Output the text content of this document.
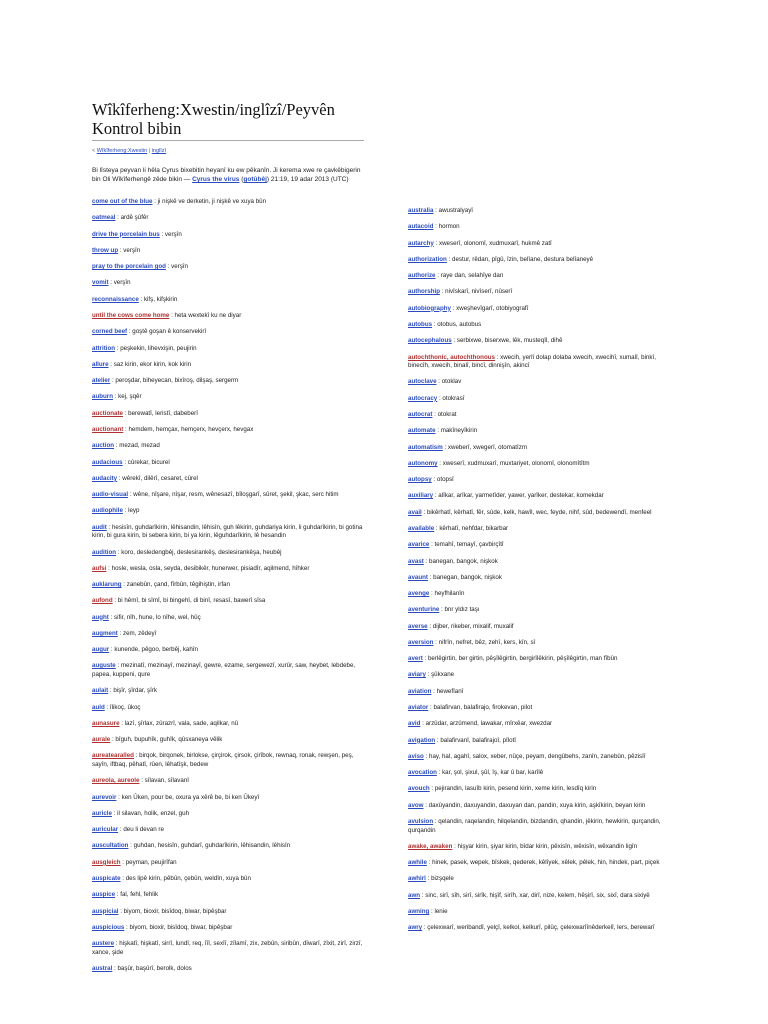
Wîkîferheng:Xwestin/inglîzî/Peyvên Kontrol bibin
< Wîkîferheng:Xwestin | inglîzî

Bi lîsteya peyvan li hêla Cyrus bixebitin heyanî ku ew pêkanîn. Ji kerema xwe re çavkêbigerin bin Oli Wîkîferhengê zêde bikin — Cyrus the virus (gotûbêj) 21:19, 19 adar 2013 (UTC)

come out of the blue : ji nişkê ve derketin, ji nişkê ve xuya bûn
oatmeal : ardê şûfêr
drive the porcelain bus : verşîn
throw up : verşîn
pray to the porcelain god : verşîn
vomit : verşîn
reconnaissance : kifş, kifşkirin
until the cows come home : heta wextekî ku ne diyar
corned beef : goştê goşan ê konservekirî
attrition : peşkekin, lihevxişin, peujirin
allure : saz kirin, ekor kirin, kok kirin
atelier : peroşdar, biheyecan, bixîroş, dilşaş, sergerm
auburn : kej, şqêr
auctionate : berewatî, leristî, dabeberî
auctionant : hemdem, hemçax, hemçerx, hevçerx, hevgax
auction : mezad, mezad
audacious : cûrekar, bicurel
audacity : wêrekî, dilêrî, cesaret, cûrel
audio-visual : wêne, nîşare, nîşar, resm, wênesazî, bîloşgarî, sûret, şekil, şkac, serc hitim
audiophile : leyp
audit : hesisîn, guhdarîkirin, lêhisandin, lêhisîn, guh lêkirin, guhdariya kirin, li guhdarîkirin, bi gotina kirin, bi gura kirin, bi sebera kirin, bi ya kirin, lêguhdarîkirin, lê hesandin
audition : koro, desledengbêj, deslesirankêş, deslesirankêşa, heubêj
aufsi : hosle, wesla, osla, seyda, desibikêr, hunerwer, pisiadîr, aqilmend, hîhker
auklarung : zanebûn, çand, fîrbûn, têgihiştin, irfan
aufond : bi hêmî, bi sîmî, bi bingehî, di binî, resasî, bawerî sîsa
aught : sifir, nîh, hune, lo nîhe, wel, hûç
augment : zem, zêdeyî
augur : kunende, pêgoo, berbêj, kahîn
auguste : mezinatî, mezinayî, mezinayî, gewre, ezame, sergewezî, xurûr, saw, heybet, lebdebe, papea, kuppeni, qure
aulait : bişîr, şîrdar, şîrk
auld : îlikoç, ûkoç
aunasure : lazî, şîrlax, zûrazrî, vala, sade, aqilkar, nû
aurale : bîguh, bupuhîk, guhîk, qûsxaneya vêlik
aureatearalled : birqok, birqonek, birlokse, çirçirok, çirsok, çirîbok, rewnaq, ronak, rewşen, peş, sayîn, iftbaq, pêhatî, rûen, lêhatîşk, bedew
aureola, aureole : sîlavan, sîlavanî
aurevoir : ken Ûken, pour be, oxura ya xêrê be, bi ken Ûkeyî
auricle : il silavan, holik, enzel, guh
auricular : deu li devan re
auscultation : guhdan, hesisîn, guhdarî, guhdarîkirin, lêhisandin, lêhisîn
ausgleich : peyman, peujirîfan
auspicate : des lipê kirin, pêbûn, çebûn, weldîn, xuya bûn
auspice : fal, fehl, fehlik
auspicial : biyom, bioxir, bisîdoq, biwar, bipêşbar
auspicious : biyom, bioxir, bisîdoq, biwar, bipêşbar
austere : hişkatî, hişkatî, sirrî, lundî, req, îîî, sexîî, zîlamî, zix, zebûn, siribûn, dîwarî, zîxit, zirî, zirzî, xance, şide
austral : başûr, başûrî, berolk, dolos
australia : awustralyayî
autacoid : hormon
autarchy : xweserî, olonomî, xudmuxarî, hukmê zatî
authorization : destur, rêdan, pîgû, îzin, belîane, destura belîaneyê
authorize : raye dan, selahîye dan
authorship : nivîskarî, nivîserî, nûserî
autobiography : xweşhevîgarî, otobiyografî
autobus : otobus, autobus
autocephalous : serbixwe, biserxwe, lêk, musteqîl, dihê
autochthonic, autochthonous : xwecih, yerlî dolap dolaba xwecih, xwecihî, xumalî, binkî, binecîh, xwecih, binalî, bincî, dinnişîn, akincî
autoclave : otoklav
autocracy : otokrasî
autocrat : otokrat
automate : makîneyîkirin
automatism : xweberî, xwegerî, otomatîzm
autonomy : xweserî, xudmuxarî, muxtariyet, olonomî, olonomîtîtm
autopsy : otopsî
auxiliary : alîkar, arîkar, yarmetîder, yawer, yarîker, destekar, komekdar
avail : bikêrhatî, kêrhatî, fêr, sûde, kelk, hawîl, wec, feyde, nihf, sûd, bedewendî, menfeel
available : kêrhatî, nehfdar, bikarbar
avarice : temahî, temayî, çavbirçîtî
avast : banegan, bangok, nişkok
avaunt : banegan, bangok, nişkok
avenge : heyfhilanîn
aventurine : bnr yldız taşı
averse : dijber, rikeber, mixalif, muxalif
aversion : nifrîn, nefret, bêz, zehî, kers, kîn, sî
avert : berlêgirtin, ber girtin, pêşîlêgirtin, bergirîlêkirin, pêşîlêgirtin, man fîbûn
aviary : şûkxane
aviation : hewefîanî
aviator : balafirvan, balafirajo, firokevan, pilot
avid : arzûdar, arzûmend, lawakar, mîrxêar, xwezdar
avigation : balafirvanî, balafirajoî, pîlotî
aviso : hay, hal, agahî, salox, xeber, nûçe, peyam, dengûbehs, zanîn, zanebûn, pêzisîî
avocation : kar, şol, şixul, şûl, îş, kar û bar, karîlê
avouch : pejirandin, lasuîb kirin, pesend kirin, xeme kirin, lesdîq kirin
avow : daxûyandin, daxuyandin, daxuyan dan, pandin, xuya kirin, aşkîkirin, beyan kirin
avulsion : qelandin, raqelandin, hilqelandin, bizdandin, qhandin, jêkirin, hewkirin, qurçandin, qurqandin
awake, awaken : hişyar kirin, şiyar kirin, bîdar kirin, pêxisîn, wêxisîn, wêxandin ligîn
awhile : hinek, pasek, wepek, bîskek, qederek, kêlîyek, xêlek, pêlek, hin, hindek, part, piçek
awhirl : bizşqele
awn : sinc, sirî, sîh, sirî, sirîk, hişîf, sirîh, xar, dirî, nize, kelem, hêşirî, six, sixî, dara sixiyê
awning : lenie
awry : çelexwarî, weribandî, yelçî, kelkol, kelkurî, pilûç, çelexwarîînêderkelî, lers, berewarî
